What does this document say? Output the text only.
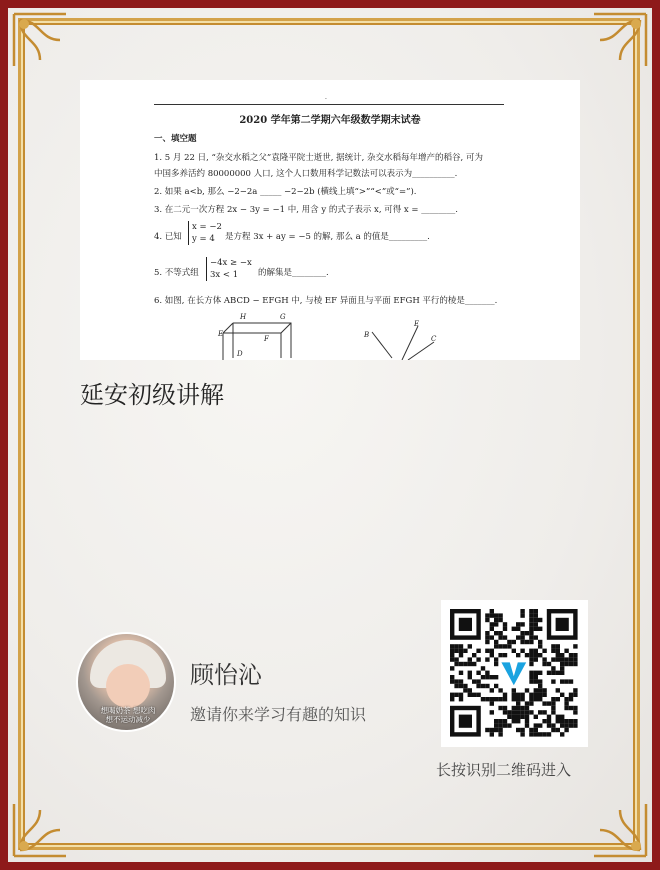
·
2020 学年第二学期六年级数学期末试卷
一、填空题
1. 5 月 22 日, “杂交水稻之父”袁隆平院士逝世, 据统计, 杂交水稻每年增产的稻谷, 可为
中国多养活约 80000000 人口, 这个人口数用科学记数法可以表示为__________.
2. 如果 a<b, 那么 −2−2a _____ −2−2b (横线上填“>”“<”或“=”).
3. 在二元一次方程 2x − 3y = −1 中, 用含 y 的式子表示 x, 可得 x = ________.
4. 已知
x = −2
y = 4	是方程 3x + ay = −5 的解, 那么 a 的值是_________.
5. 不等式组
−4x ≥ −x
3x < 1	的解集是________.
6. 如图, 在长方体 ABCD − EFGH 中, 与棱 EF 异面且与平面 EFGH 平行的棱是_______.
H	G
E
F
D
B
E
C
延安初级讲解
想喝奶茶 想吃肉
想不运动减少
顾怡沁
邀请你来学习有趣的知识
长按识别二维码进入
